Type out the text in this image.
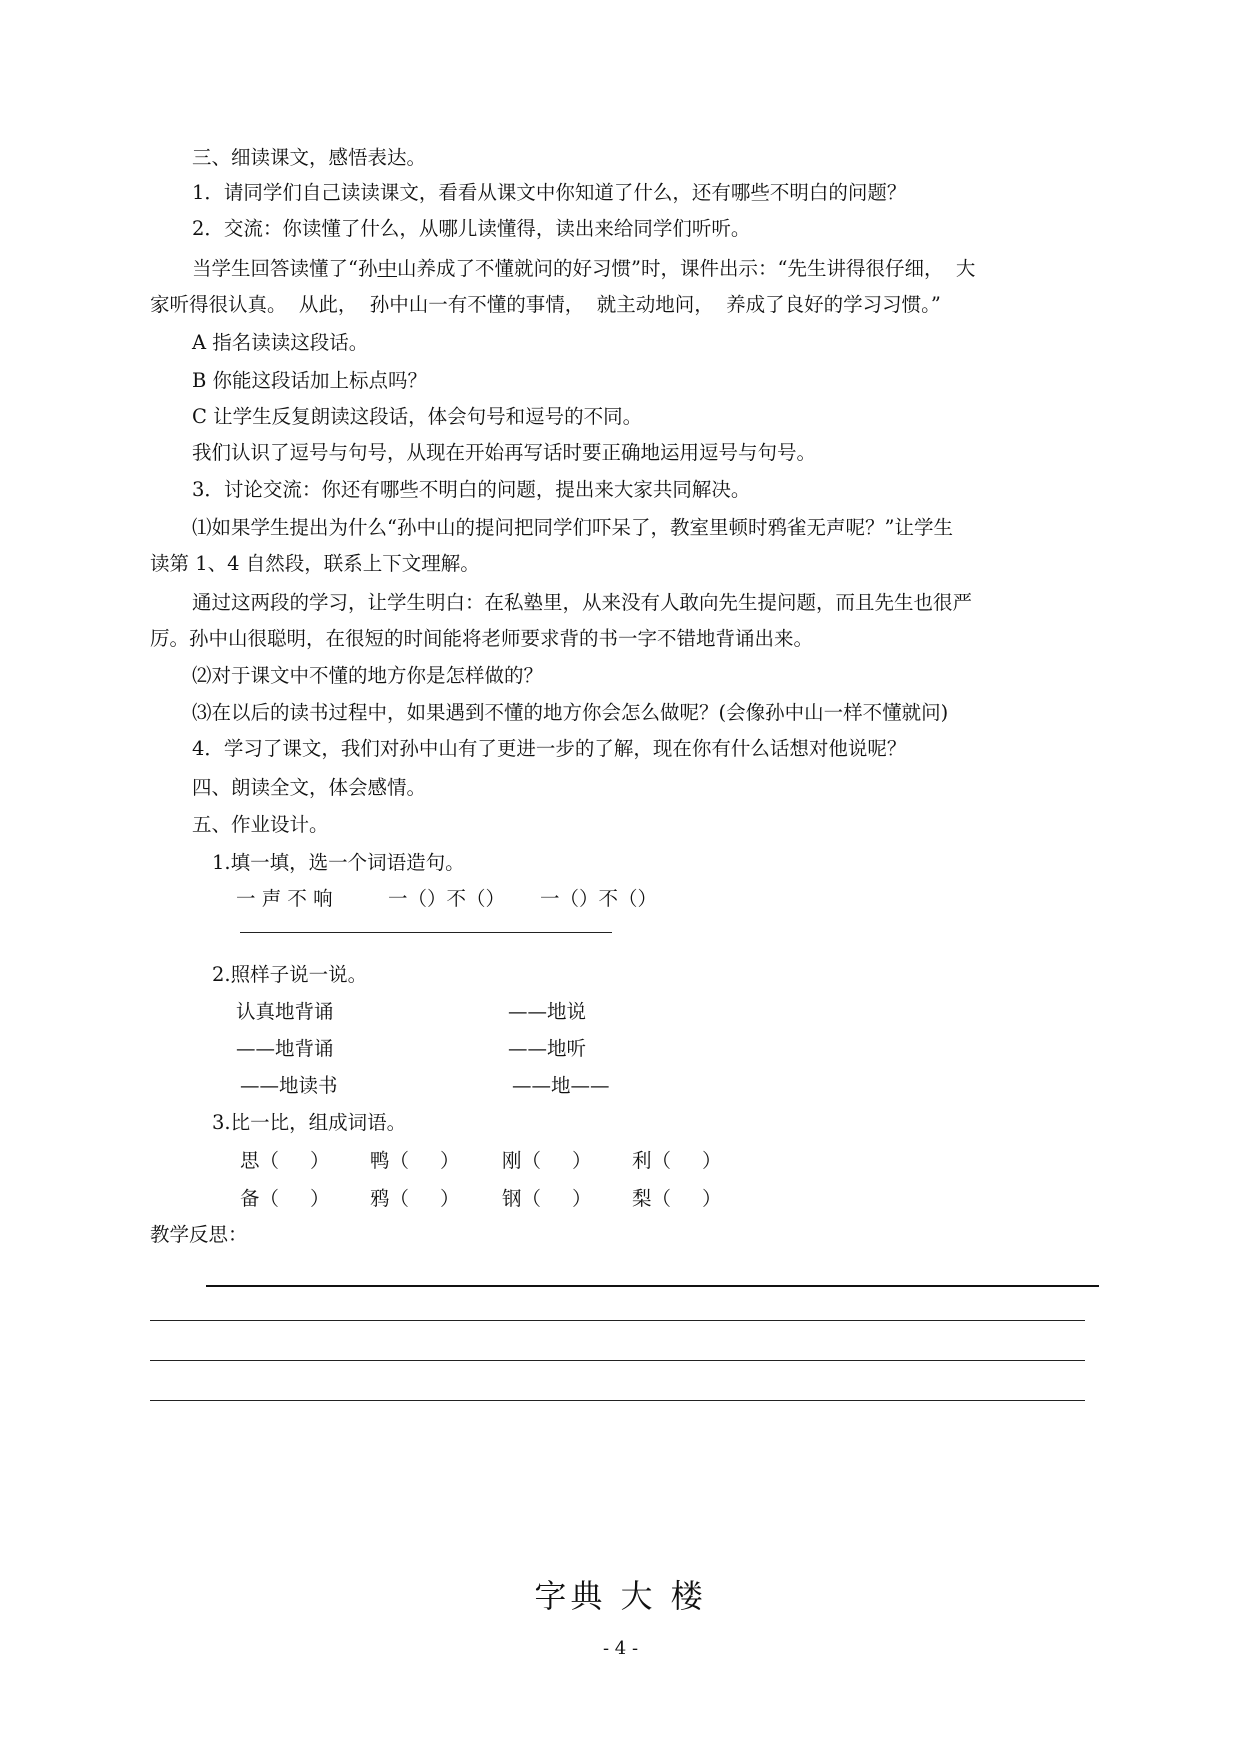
三、细读课文，感悟表达。
1．请同学们自己读读课文，看看从课文中你知道了什么，还有哪些不明白的问题？
2．交流：你读懂了什么，从哪儿读懂得，读出来给同学们听听。
当学生回答读懂了“孙中山养成了不懂就问的好习惯”时，课件出示：“先生讲得很仔细，  大
家听得很认真。  从此，  孙中山一有不懂的事情，  就主动地问，  养成了良好的学习习惯。”
A 指名读读这段话。
B 你能这段话加上标点吗？
C 让学生反复朗读这段话，体会句号和逗号的不同。
我们认识了逗号与句号，从现在开始再写话时要正确地运用逗号与句号。
3．讨论交流：你还有哪些不明白的问题，提出来大家共同解决。
⑴如果学生提出为什么“孙中山的提问把同学们吓呆了，教室里顿时鸦雀无声呢？”让学生
读第 1、4 自然段，联系上下文理解。
通过这两段的学习，让学生明白：在私塾里，从来没有人敢向先生提问题，而且先生也很严
厉。孙中山很聪明，在很短的时间能将老师要求背的书一字不错地背诵出来。
⑵对于课文中不懂的地方你是怎样做的？
⑶在以后的读书过程中，如果遇到不懂的地方你会怎么做呢？(会像孙中山一样不懂就问)
4．学习了课文，我们对孙中山有了更进一步的了解，现在你有什么话想对他说呢？
四、朗读全文，体会感情。
五、作业设计。
1.填一填，选一个词语造句。
一 声 不 响	一（）不（） 一（）不（）
2.照样子说一说。
认真地背诵	——地说
——地背诵	——地听
——地读书	——地——
3.比一比，组成词语。
思（     ） 鸭（     ） 刚（     ） 利（     ）
备（     ） 鸦（     ） 钢（     ） 梨（     ）
教学反思：
字典 大 楼
- 4 -
